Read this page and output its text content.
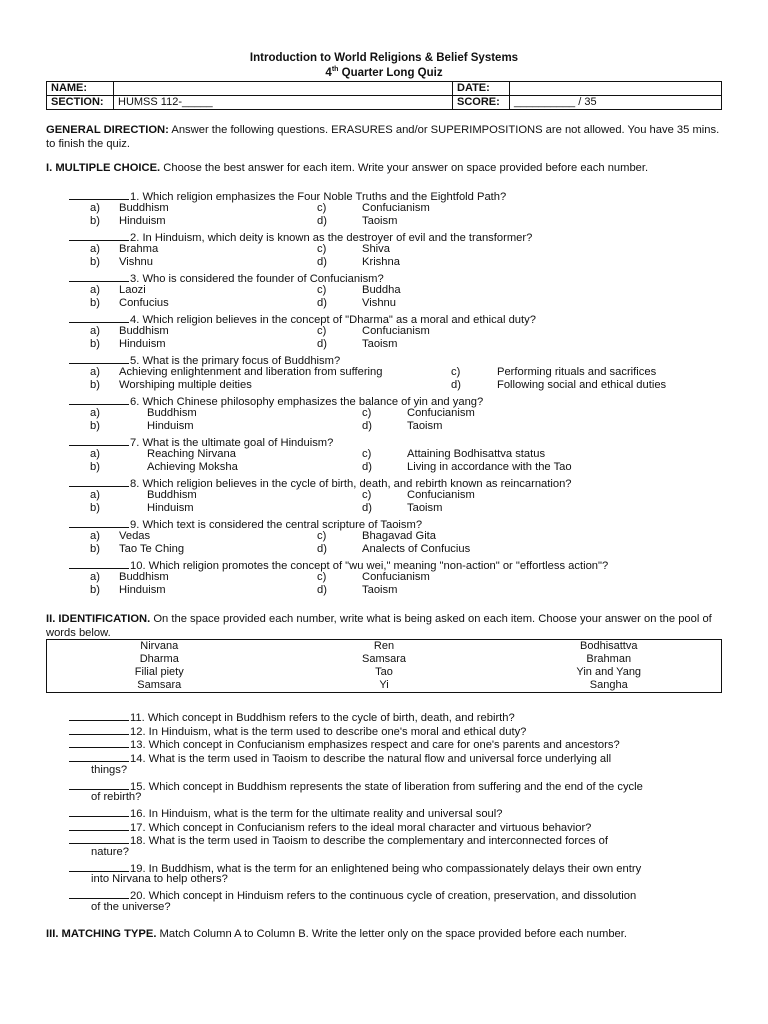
Introduction to World Religions & Belief Systems
4th Quarter Long Quiz
NAME:		DATE:	
SECTION:	HUMSS 112-_____	SCORE:	__________ / 35
GENERAL DIRECTION: Answer the following questions. ERASURES and/or SUPERIMPOSITIONS are not allowed. You have 35 mins. to finish the quiz.
I. MULTIPLE CHOICE. Choose the best answer for each item. Write your answer on space provided before each number.
1. Which religion emphasizes the Four Noble Truths and the Eightfold Path?
a) Buddhism	c)	Confucianism
b) Hinduism	d)	Taoism
2. In Hinduism, which deity is known as the destroyer of evil and the transformer?
a) Brahma	c)	Shiva
b) Vishnu	d)	Krishna
3. Who is considered the founder of Confucianism?
a) Laozi	c)	Buddha
b) Confucius	d)	Vishnu
4. Which religion believes in the concept of "Dharma" as a moral and ethical duty?
a) Buddhism	c)	Confucianism
b) Hinduism	d)	Taoism
5. What is the primary focus of Buddhism?
a) Achieving enlightenment and liberation from suffering	c)	Performing rituals and sacrifices
b) Worshiping multiple deities	d)	Following social and ethical duties
6. Which Chinese philosophy emphasizes the balance of yin and yang?
a)	Buddhism	c)	Confucianism
b)	Hinduism	d)	Taoism
7. What is the ultimate goal of Hinduism?
a)	Reaching Nirvana	c)	Attaining Bodhisattva status
b)	Achieving Moksha	d)	Living in accordance with the Tao
8. Which religion believes in the cycle of birth, death, and rebirth known as reincarnation?
a)	Buddhism	c)	Confucianism
b)	Hinduism	d)	Taoism
9. Which text is considered the central scripture of Taoism?
a) Vedas	c)	Bhagavad Gita
b) Tao Te Ching	d)	Analects of Confucius
10. Which religion promotes the concept of "wu wei," meaning "non-action" or "effortless action"?
a) Buddhism	c)	Confucianism
b) Hinduism	d)	Taoism
II. IDENTIFICATION. On the space provided each number, write what is being asked on each item. Choose your answer on the pool of words below.
Nirvana	Ren	Bodhisattva
Dharma	Samsara	Brahman
Filial piety	Tao	Yin and Yang
Samsara	Yi	Sangha
11. Which concept in Buddhism refers to the cycle of birth, death, and rebirth?
12. In Hinduism, what is the term used to describe one's moral and ethical duty?
13. Which concept in Confucianism emphasizes respect and care for one's parents and ancestors?
14. What is the term used in Taoism to describe the natural flow and universal force underlying all
things?
15. Which concept in Buddhism represents the state of liberation from suffering and the end of the cycle
of rebirth?
16. In Hinduism, what is the term for the ultimate reality and universal soul?
17. Which concept in Confucianism refers to the ideal moral character and virtuous behavior?
18. What is the term used in Taoism to describe the complementary and interconnected forces of
nature?
19. In Buddhism, what is the term for an enlightened being who compassionately delays their own entry
into Nirvana to help others?
20. Which concept in Hinduism refers to the continuous cycle of creation, preservation, and dissolution
of the universe?
III. MATCHING TYPE. Match Column A to Column B. Write the letter only on the space provided before each number.
